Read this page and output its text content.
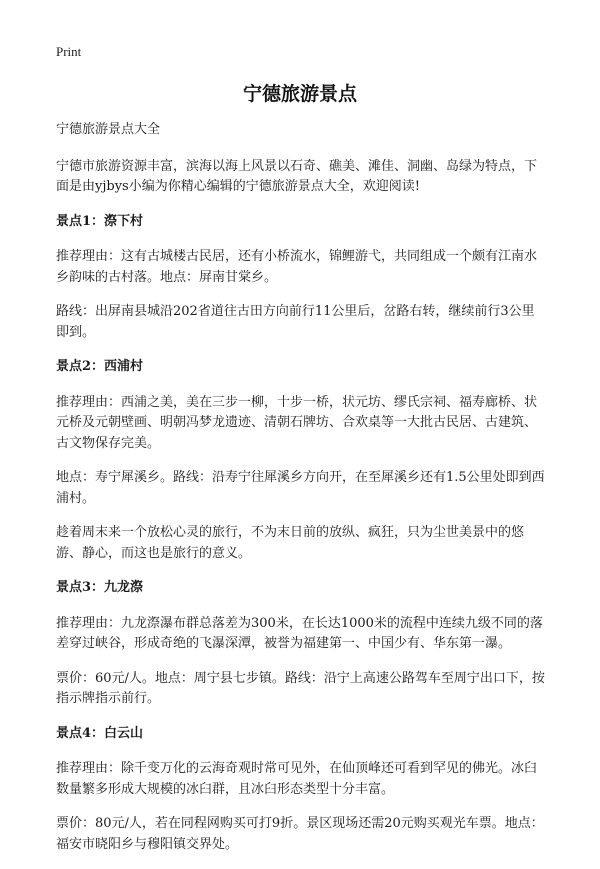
Print
宁德旅游景点

宁德旅游景点大全

宁德市旅游资源丰富，滨海以海上风景以石奇、礁美、滩佳、洞幽、岛绿为特点，下面是由yjbys小编为你精心编辑的宁德旅游景点大全，欢迎阅读!

景点1：漈下村

推荐理由：这有古城楼古民居，还有小桥流水，锦鲤游弋，共同组成一个颇有江南水乡韵味的古村落。地点：屏南甘棠乡。

路线：出屏南县城沿202省道往古田方向前行11公里后，岔路右转，继续前行3公里即到。

景点2：西浦村

推荐理由：西浦之美，美在三步一柳，十步一桥，状元坊、缪氏宗祠、福寿廊桥、状元桥及元朝壁画、明朝冯梦龙遗迹、清朝石牌坊、合欢桌等一大批古民居、古建筑、古文物保存完美。

地点：寿宁犀溪乡。路线：沿寿宁往犀溪乡方向开，在至犀溪乡还有1.5公里处即到西浦村。

趁着周末来一个放松心灵的旅行，不为末日前的放纵、疯狂，只为尘世美景中的悠游、静心，而这也是旅行的意义。

景点3：九龙漈

推荐理由：九龙漈瀑布群总落差为300米，在长达1000米的流程中连续九级不同的落差穿过峡谷，形成奇绝的飞瀑深潭，被誉为福建第一、中国少有、华东第一瀑。

票价：60元/人。地点：周宁县七步镇。路线：沿宁上高速公路驾车至周宁出口下，按指示牌指示前行。

景点4：白云山

推荐理由：除千变万化的云海奇观时常可见外，在仙顶峰还可看到罕见的佛光。冰臼数量繁多形成大规模的冰臼群，且冰臼形态类型十分丰富。

票价：80元/人，若在同程网购买可打9折。景区现场还需20元购买观光车票。地点：福安市晓阳乡与穆阳镇交界处。
